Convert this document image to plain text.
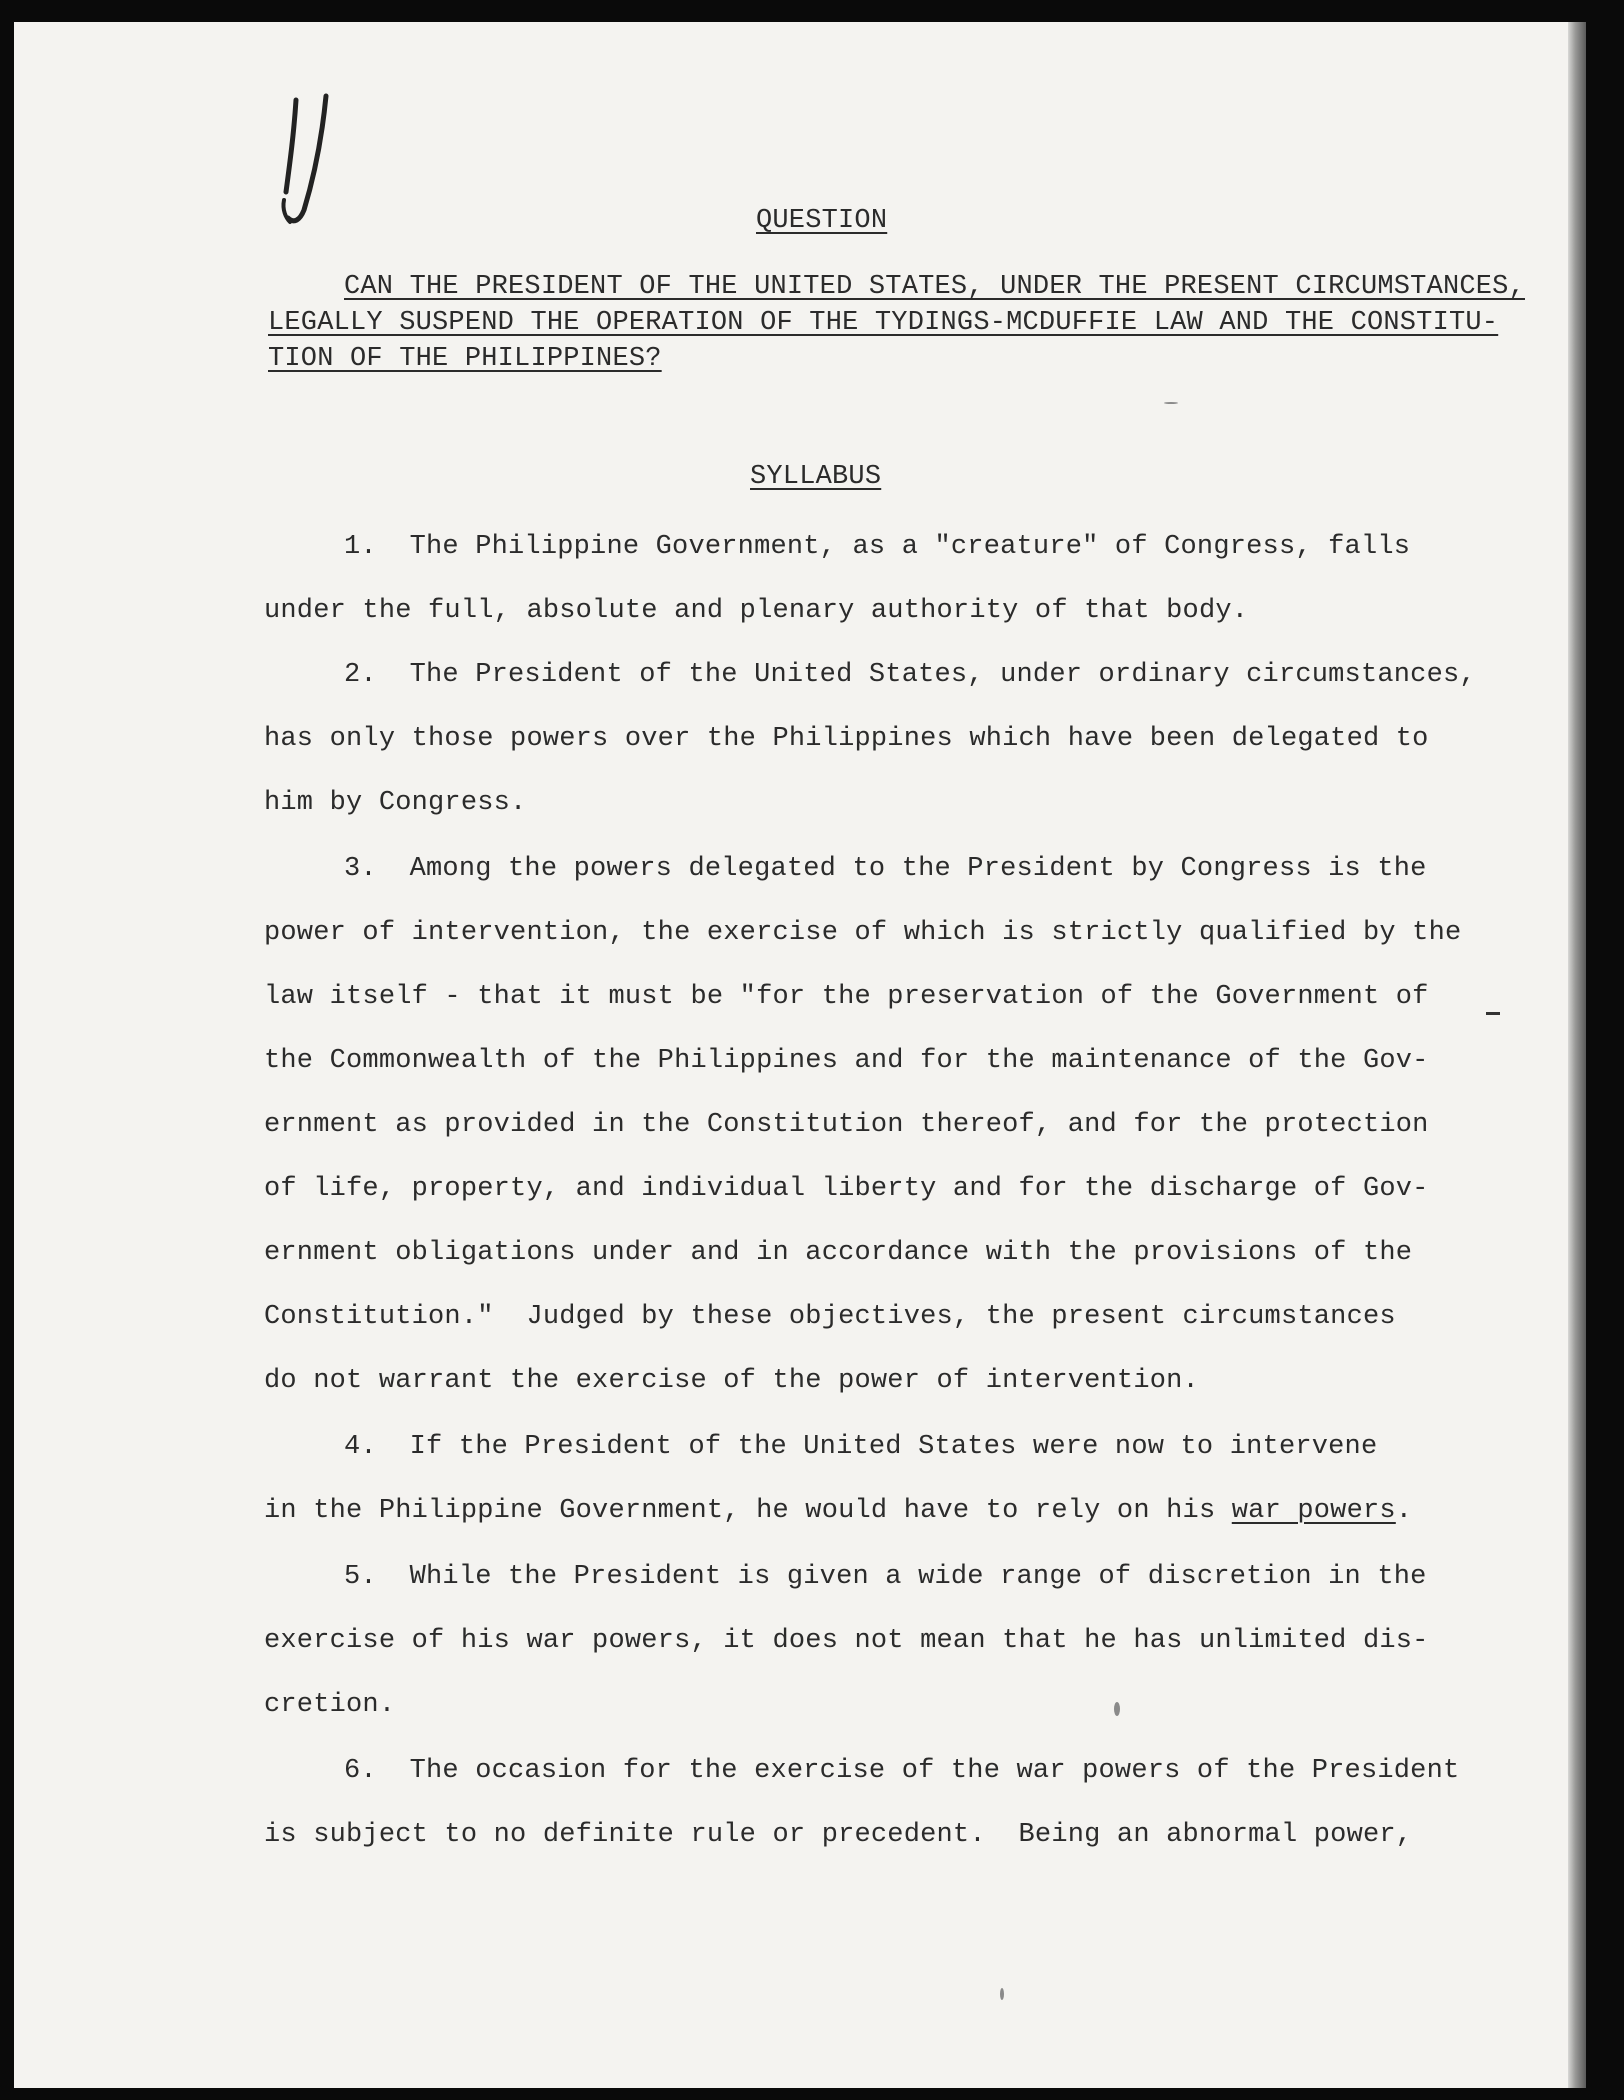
QUESTION
CAN THE PRESIDENT OF THE UNITED STATES, UNDER THE PRESENT CIRCUMSTANCES,
LEGALLY SUSPEND THE OPERATION OF THE TYDINGS-MCDUFFIE LAW AND THE CONSTITU-
TION OF THE PHILIPPINES?
SYLLABUS
1.  The Philippine Government, as a "creature" of Congress, falls
under the full, absolute and plenary authority of that body.
2.  The President of the United States, under ordinary circumstances,
has only those powers over the Philippines which have been delegated to
him by Congress.
3.  Among the powers delegated to the President by Congress is the
power of intervention, the exercise of which is strictly qualified by the
law itself - that it must be "for the preservation of the Government of
the Commonwealth of the Philippines and for the maintenance of the Gov-
ernment as provided in the Constitution thereof, and for the protection
of life, property, and individual liberty and for the discharge of Gov-
ernment obligations under and in accordance with the provisions of the
Constitution."  Judged by these objectives, the present circumstances
do not warrant the exercise of the power of intervention.
4.  If the President of the United States were now to intervene
in the Philippine Government, he would have to rely on his war powers.
5.  While the President is given a wide range of discretion in the
exercise of his war powers, it does not mean that he has unlimited dis-
cretion.
6.  The occasion for the exercise of the war powers of the President
is subject to no definite rule or precedent.  Being an abnormal power,
